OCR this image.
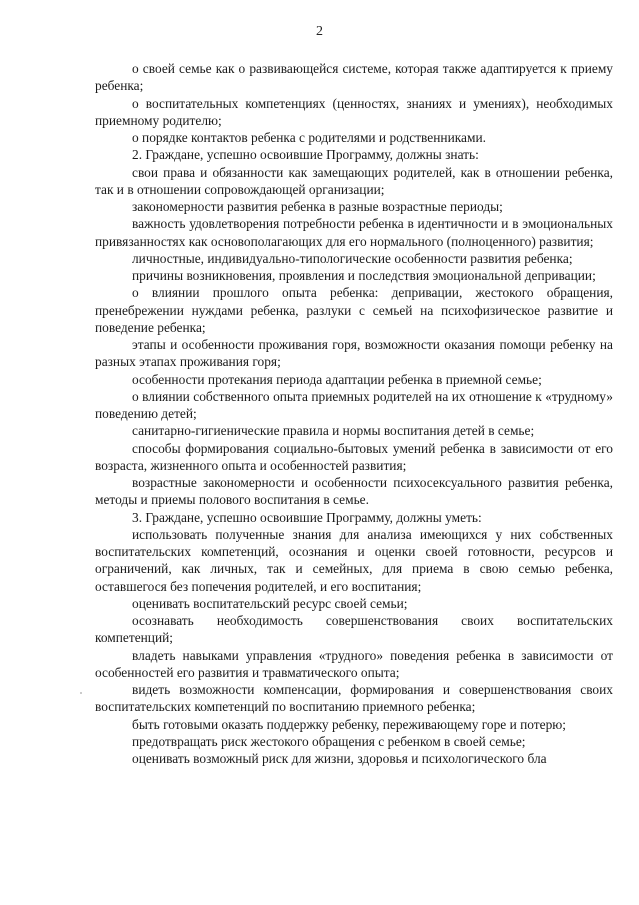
2

о своей семье как о развивающейся системе, которая также адаптируется к приему ребенка;

о воспитательных компетенциях (ценностях, знаниях и умениях), необходимых приемному родителю;

о порядке контактов ребенка с родителями и родственниками.

2. Граждане, успешно освоившие Программу, должны знать:

свои права и обязанности как замещающих родителей, как в отношении ребенка, так и в отношении сопровождающей организации;

закономерности развития ребенка в разные возрастные периоды;

важность удовлетворения потребности ребенка в идентичности и в эмоциональных привязанностях как основополагающих для его нормального (полноценного) развития;

личностные, индивидуально-типологические особенности развития ребенка;

причины возникновения, проявления и последствия эмоциональной депривации;

о влиянии прошлого опыта ребенка: депривации, жестокого обращения, пренебрежении нуждами ребенка, разлуки с семьей на психофизическое развитие и поведение ребенка;

этапы и особенности проживания горя, возможности оказания помощи ребенку на разных этапах проживания горя;

особенности протекания периода адаптации ребенка в приемной семье;

о влиянии собственного опыта приемных родителей на их отношение к «трудному» поведению детей;

санитарно-гигиенические правила и нормы воспитания детей в семье;

способы формирования социально-бытовых умений ребенка в зависимости от его возраста, жизненного опыта и особенностей развития;

возрастные закономерности и особенности психосексуального развития ребенка, методы и приемы полового воспитания в семье.

3. Граждане, успешно освоившие Программу, должны уметь:

использовать полученные знания для анализа имеющихся у них собственных воспитательских компетенций, осознания и оценки своей готовности, ресурсов и ограничений, как личных, так и семейных, для приема в свою семью ребенка, оставшегося без попечения родителей, и его воспитания;

оценивать воспитательский ресурс своей семьи;

осознавать необходимость совершенствования своих воспитательских компетенций;

владеть навыками управления «трудного» поведения ребенка в зависимости от особенностей его развития и травматического опыта;

видеть возможности компенсации, формирования и совершенствования своих воспитательских компетенций по воспитанию приемного ребенка;

быть готовыми оказать поддержку ребенку, переживающему горе и потерю;

предотвращать риск жестокого обращения с ребенком в своей семье;

оценивать возможный риск для жизни, здоровья и психологического бла
